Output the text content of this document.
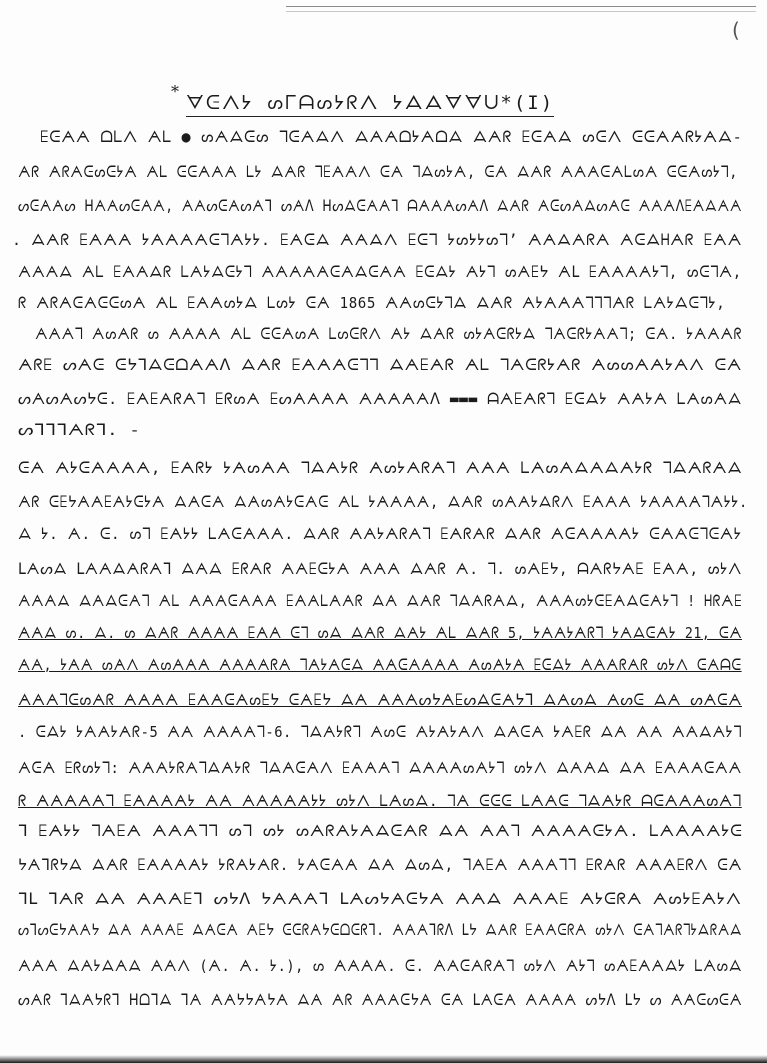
(
*
ᗊᕮᐱᔭ ᔕᒥᗩᔕᔭᖇᐱ ᔭᗋᗋᗊᗊᑌ*(I)
ꗋᕮᗅᗅ ᗝᒪᐱ ᗅᒪ ● ᔕᗅᗋᕮᔕ ᒣᕮᗅᗋᐱ ᗋᗅᗅᗝᔭᗅᗝᗋ ᗋᗅᖇ ꗋᕮᗅᗋ ᔕᕮᐱ ᕮᕮᗅᗅᖇᔭᗅᗋ-
ᗅᖇ ᗅᖇᗅᕮᔕᕮᔭᗅ ᗅᒪ ᕮᕮᗅᗅᗅ ᒪᔭ ᗋᗅᖇ ᒣꗋᗅᗅᐱ ᕮᗅ ᒣᗋᔕᔭᗅ, ᕮᗅ ᗋᗅᖇ ᗅᗅᗅᕮᗅᒪᔕᗅ ᕮᕮᗅᔕᔭᒣ,
ᔕᕮᗅᗅᔕ ᕼᗅᗅᔕᕮᗅᗅ, ᗅᗅᔕᕮᗅᔕᗅᒣ ᔕᗅᐱ ᕼᔕᗋᕮᗅᗅᒣ ᗩᗅᗅᗅᔕᗅᐱ ᗋᗅᖇ ᗅᕮᔕᗅᗋᔕᗅᕮ ᗅᗅᗅᐱꗋᗅᗋᗅᗅ
. ᗋᗅᖇ ꗋᗅᗅᗅ ᔭᗅᗅᗅᗅᕮᒣᗅᔭᔭ. ꗋᗅᕮᗋ ᗅᗅᗋᐱ ꗋᕮᒣ ᔭᔕᔭᔭᔕᒣ’ ᗅᗅᗋᗅᖇᗅ ᗅᕮᗋᕼᗅᖇ ꗋᗅᗅ
ᗅᗅᗅᗋ ᗅᒪ ꗋᗅᗅᗋᖇ ᒪᗅᔭᗋᕮᔭᒣ ᗅᗅᗅᗅᗅᕮᗅᗋᕮᗅᗅ ꗋᕮᗋᔭ ᗅᔭᒣ ᔕᗅꗋᔭ ᗅᒪ ꗋᗅᗅᗅᗅᔭᒣ, ᔕᕮᒣᗅ,
ᖇ ᗅᖇᗅᕮᗅᕮᕮᔕᗅ ᗅᒪ ꗋᗅᗅᔕᔭᗋ ᒪᔕᔭ ᕮᗅ 1865 ᗅᗅᔕᕮᔭᒣᗋ ᗋᗅᖇ ᗅᔭᗅᗅᗅᒣᒣᒣᗅᖇ ᒪᗅᔭᗋᕮᒣᔭ,
ᗅᗅᗅᒣ ᗅᔕᗅᖇ ᔕ ᗅᗅᗅᗅ ᗅᒪ ᕮᕮᗅᔕᗅ ᒪᔕᕮᖇᐱ ᗅᔭ ᗋᗅᖇ ᔕᔭᗅᕮᖇᔭᗋ ᒣᗅᕮᖇᔭᗅᗅᒣ; ᕮᗅ. ᔭᗅᗅᗅᖇ
ᗅᖇꗋ ᔕᗅᕮ ᕮᔭᒣᗋᕮᗝᗅᗅᐱ ᗋᗅᖇ ꗋᗅᗅᗅᕮᒣᒣ ᗋᗅꗋᗅᖇ ᗅᒪ ᒣᗅᕮᖇᔭᗅᖇ ᗅᔕᔕᗅᗅᔭᗅᐱ ᕮᗅ
ᔕᗅᔕᗅᔕᔭᕮ. ꗋᗅꗋᗅᖇᗅᒣ ꗋᖇᔕᗅ ꗋᔕᗅᗅᗅᗅ ᗅᗅᗅᗅᗅᐱ ▬▬▬ ᗩᗅꗋᗅᖇᒣ ꗋᕮᗋᔭ ᗅᗅᔭᗅ ᒪᗅᔕᗅᗋ
ᔕᒣᒣᒣᗅᖇᒣ. -
ᕮᗅ ᗅᔭᕮᗅᗅᗅᗅ, ꗋᗅᖇᔭ ᔭᗅᔕᗅᗅ ᒣᗋᗅᔭᖇ ᗅᔕᔭᗅᖇᗅᒣ ᗅᗅᗅ ᒪᗅᔕᗅᗋᗅᗋᗅᔭᖇ ᒣᗋᗅᖇᗅᗋ
ᗅᖇ ᕮꗋᔭᗅᗅꗋᗅᔭᕮᔭᗅ ᗋᗅᕮᗅ ᗋᗅᔕᗅᔭᕮᗅᕮ ᗅᒪ ᔭᗅᗅᗅᗅ, ᗋᗅᖇ ᔕᗅᗅᔭᗋᖇᐱ ꗋᗅᗅᗅ ᔭᗅᗅᗅᗅᒣᗅᔭᔭ.
ᗋ ᔭ. ᗅ. ᕮ. ᔕᒣ ꗋᗅᔭᔭ ᒪᗅᕮᗅᗅᗅ. ᗋᗅᖇ ᗅᗅᔭᗅᖇᗅᒣ ꗋᗅᖇᗅᖇ ᗋᗅᖇ ᗅᕮᗅᗅᗅᗅᔭ ᕮᗅᗅᕮᒣᕮᗅᔭ
ᒪᗅᔕᗋ ᒪᗅᗅᗋᗅᖇᗅᒣ ᗋᗅᗋ ꗋᖇᗅᖇ ᗅᗅꗋᕮᔭᗅ ᗅᗅᗅ ᗋᗅᖇ ᗅ. ᒣ. ᔕᗅꗋᔭ, ᗩᗅᖇᔭᗅꗋ ꗋᗅᗅ, ᔕᔭᐱ
ᗅᗅᗅᗋ ᗋᗅᗋᕮᗅᒣ ᗅᒪ ᗅᗅᗅᕮᗅᗅᗅ ꗋᗅᗅᒪᗅᗅᖇ ᗋᗅ ᗋᗅᖇ ᒣᗋᗅᖇᗅᗋ, ᗅᗅᗅᔕᔭᕮꗋᗅᗋᕮᗅᔭᒣ ! ᕼᖇᗅꗋ
ᗅᗅᗋ ᔕ. ᗋ. ᔕ ᗋᗅᖇ ᗅᗅᗅᗅ ꗋᗅᗅ ᕮᒣ ᔕᗋ ᗋᗅᖇ ᗋᗅᔭ ᗅᒪ ᗋᗅᖇ 5, ᔭᗅᗅᔭᗅᖇᒣ ᔭᗅᗋᕮᗅᔭ 21, ᕮᗅ
ᗅᗅ, ᔭᗅᗅ ᔕᗅᐱ ᗅᔕᗅᗅᗅ ᗅᗅᗅᗅᖇᗅ ᒣᗅᔭᗅᕮᗋ ᗅᗅᕮᗅᗅᗅᗅ ᗅᔕᗅᔭᗅ ꗋᕮᗋᔭ ᗅᗅᗅᖇᗅᖇ ᔕᔭᐱ ᕮᗅᗩᕮ
ᗅᗅᗅᒣᕮᔕᗅᖇ ᗅᗅᗅᗅ ꗋᗅᗅᕮᗅᔕꗋᔭ ᕮᗅꗋᔭ ᗋᗅ ᗅᗅᗅᔕᔭᗅꗋᔕᗋᕮᗅᔭᒣ ᗋᗅᔕᗋ ᗅᔕᕮ ᗋᗅ ᔕᗅᕮᗅ
. ᕮᗋᔭ ᔭᗅᗅᔭᗅᖇ-5 ᗅᗅ ᗅᗅᗅᗅᒣ-6. ᒣᗋᗅᔭᖇᒣ ᗅᔕᕮ ᗅᔭᗅᔭᗅᐱ ᗋᗅᕮᗅ ᔭᗅꗋᖇ ᗋᗅ ᗅᗅ ᗅᗅᗋᗅᔭᒣ
ᗅᕮᗅ ꗋᖇᔕᔭᒣ: ᗅᗅᗅᔭᖇᗅᒣᗋᗅᔭᖇ ᒣᗋᗅᕮᗅᐱ ꗋᗅᗅᗅᒣ ᗋᗅᗅᗅᔕᗅᔭᒣ ᔕᔭᐱ ᗋᗅᗅᗋ ᗋᗅ ꗋᗅᗅᗅᕮᗅᗅ
ᖇ ᗅᗅᗅᗅᗅᒣ ꗋᗅᗅᗅᗅᔭ ᗅᗅ ᗅᗅᗅᗅᗅᔭᔭ ᔕᔭᐱ ᒪᗅᔕᗋ. ᒣᗅ ᕮᕮᕮ ᒪᗅᗅᕮ ᒣᗋᗅᔭᖇ ᗩᕮᗅᗅᗅᔕᗅᒣ
ᒣ ꗋᗅᔭᔭ ᒣᗅꗋᗅ ᗅᗅᗅᒣᒣ ᔕᒣ ᔕᔭ ᔕᗅᖇᗅᔭᗅᗋᕮᗅᖇ ᗋᗅ ᗅᗅᒣ ᗅᗅᗅᗅᕮᔭᗅ. ᒪᗅᗅᗅᗅᔭᕮ
ᔭᗅᒣᖇᔭᗋ ᗋᗅᖇ ꗋᗅᗅᗅᗅᔭ ᔭᖇᗅᔭᗅᖇ. ᔭᗅᕮᗅᗅ ᗋᗅ ᗋᔕᗋ, ᒣᗅꗋᗅ ᗅᗅᗅᒣᒣ ꗋᖇᗅᖇ ᗅᗅᗅꗋᖇᐱ ᕮᗅ
ᒣᒪ ᒣᗅᖇ ᗋᗅ ᗅᗅᗅꗋᒣ ᔕᔭᐱ ᔭᗅᗅᗅᒣ ᒪᗅᔕᔭᗅᕮᔭᗅ ᗅᗅᗋ ᗅᗅᗅꗋ ᗅᔭᕮᖇᗅ ᗅᔕᔭꗋᗅᔭᐱ
ᔕᒣᔕᕮᔭᗅᗅᔭ ᗋᗅ ᗅᗅᗅꗋ ᗋᗅᕮᗅ ᗅꗋᔭ ᕮᕮᖇᗅᔭᕮᗝᕮᖇᒣ. ᗅᗅᗅᒣᖇᐱ ᒪᔭ ᗋᗅᖇ ꗋᗅᗅᕮᖇᗅ ᔕᔭᐱ ᕮᗅᒣᗅᖇᒣᔭᗋᖇᗅᗋ
ᗅᗅᗅ ᗋᗅᔭᗋᗅᗋ ᗅᗅᐱ (ᗅ. ᗅ. ᔭ.), ᔕ ᗅᗅᗅᗅ. ᕮ. ᗅᗅᕮᗅᖇᗅᒣ ᔕᔭᐱ ᗅᔭᒣ ᔕᗅꗋᗅᗅᗋᔭ ᒪᗅᔕᗋ
ᔕᗅᖇ ᒣᗋᗅᔭᖇᒣ ᕼᗝᒣᗋ ᒣᗅ ᗅᗅᔭᔭᗅᔭᗅ ᗋᗅ ᗅᖇ ᗅᗅᗅᕮᔭᗅ ᕮᗅ ᒪᗅᕮᗅ ᗅᗅᗅᗅ ᔕᔭᐱ ᒪᔭ ᔕ ᗅᗅᕮᔕᕮᗅ
